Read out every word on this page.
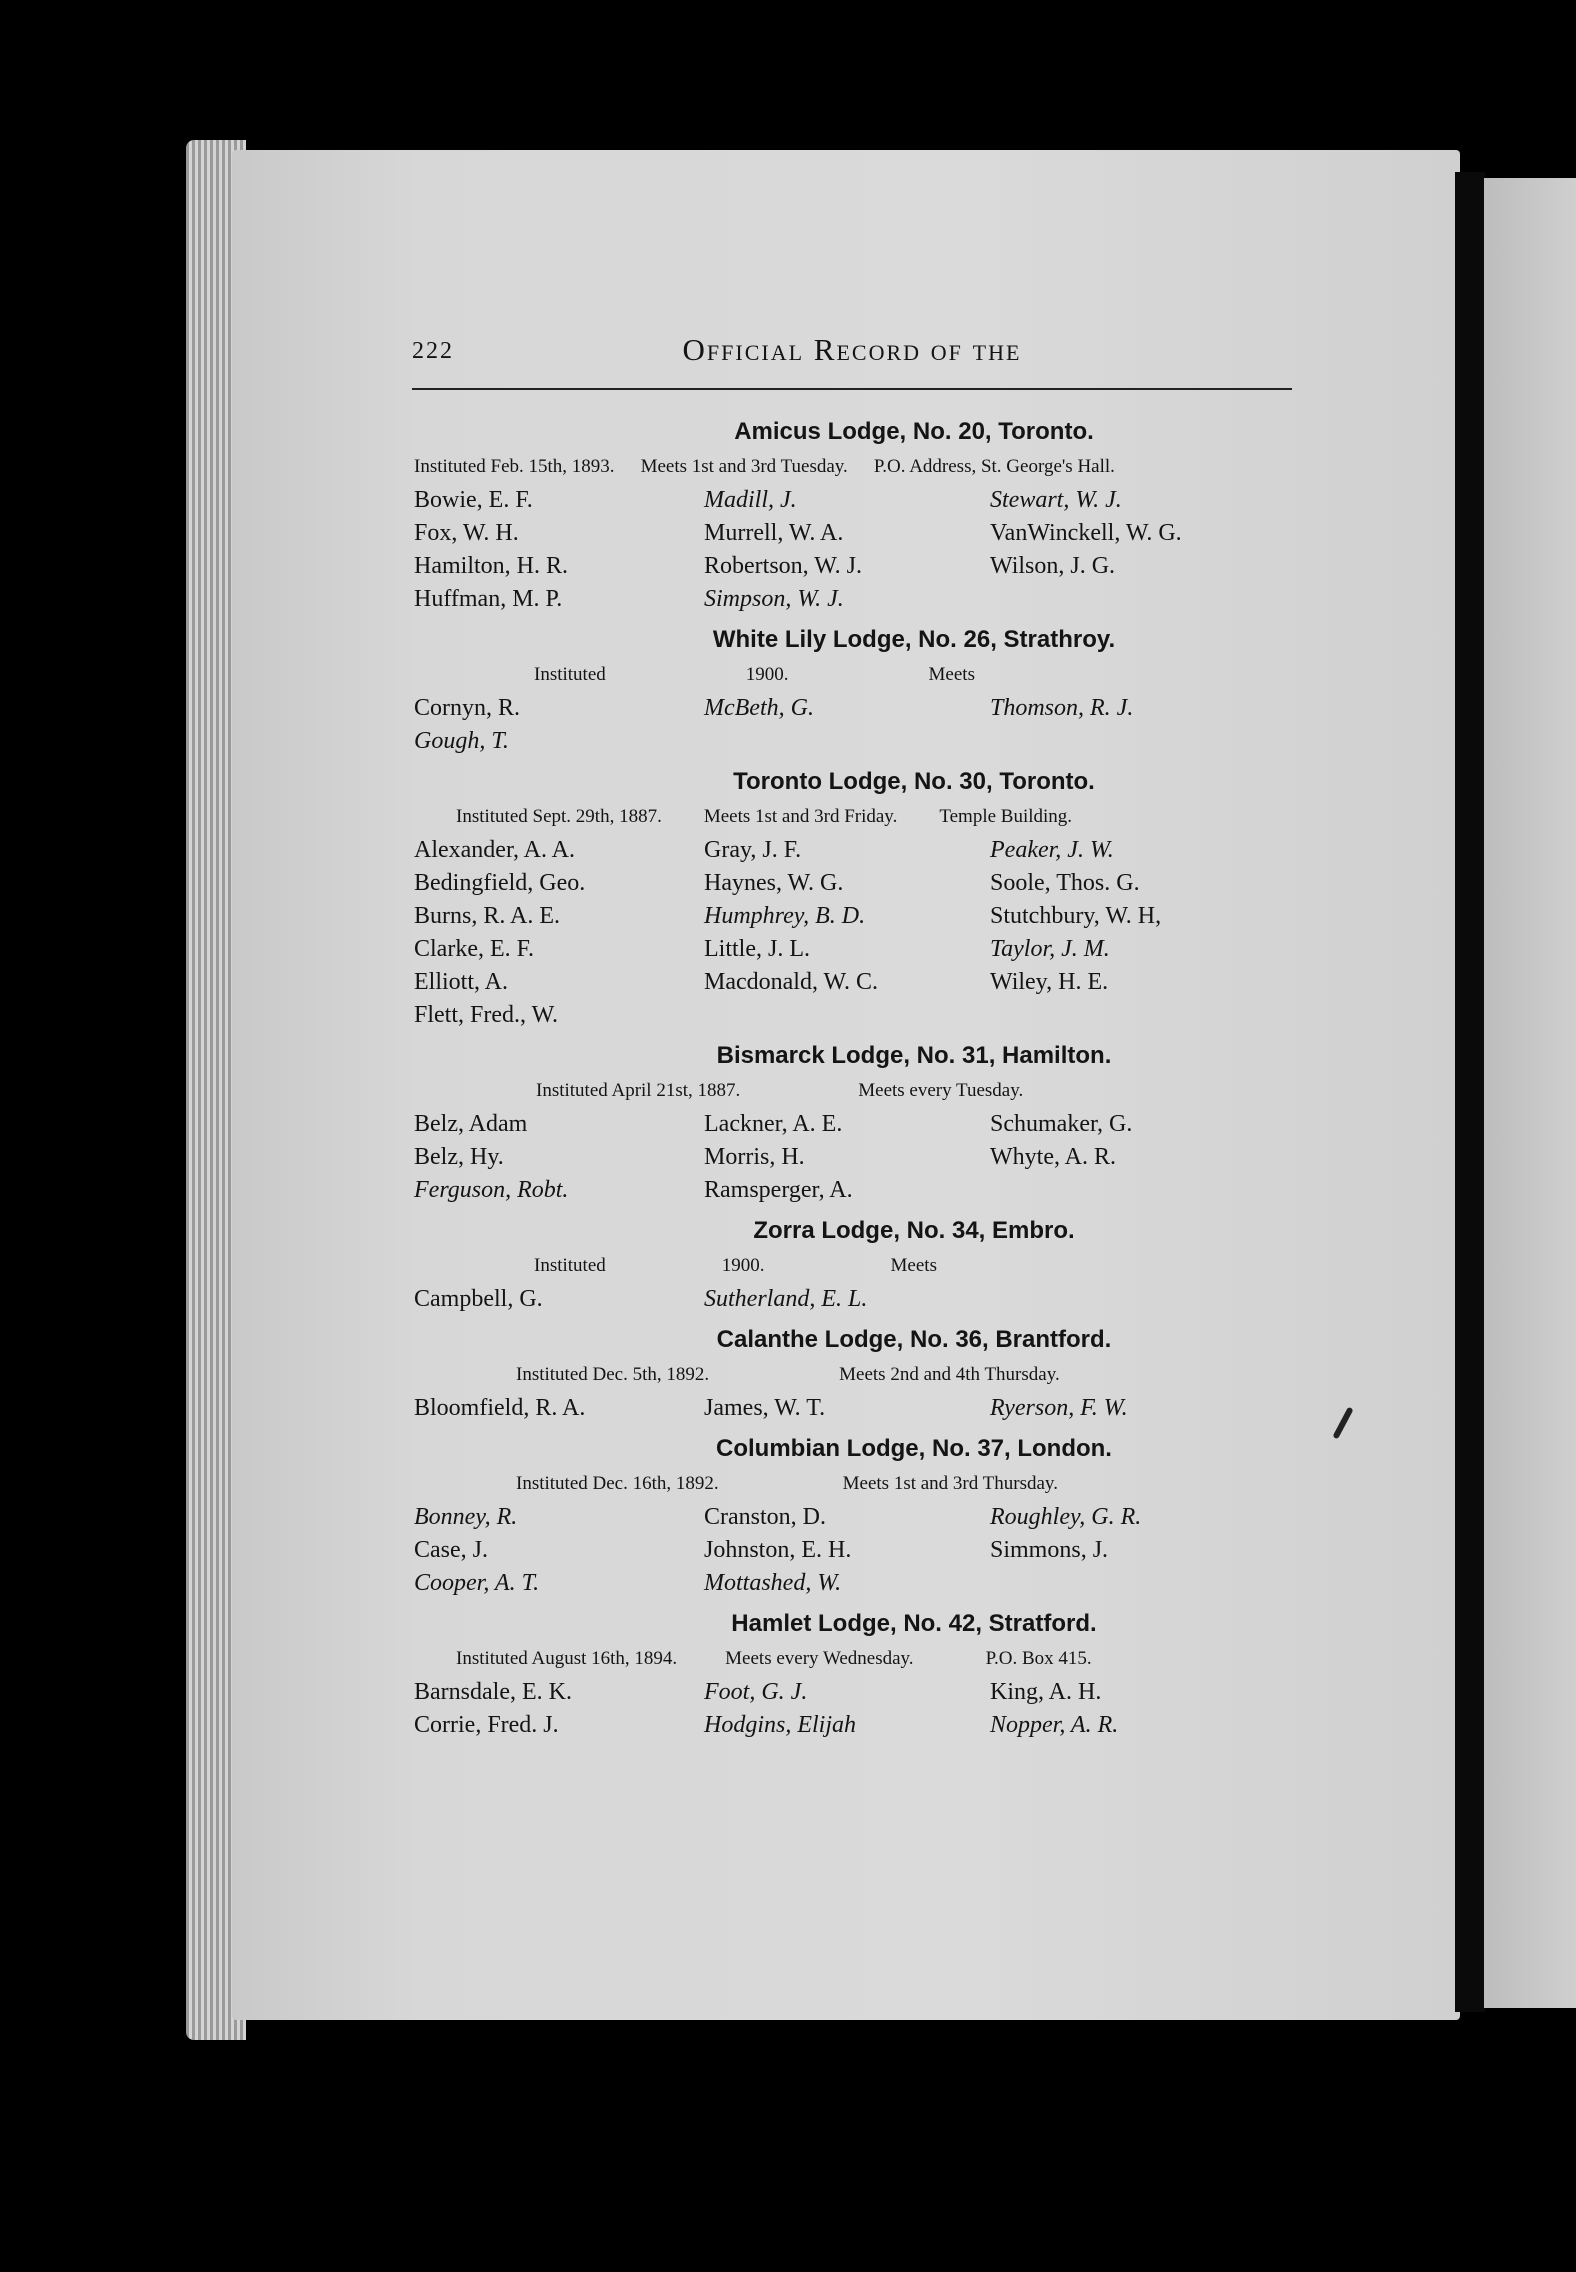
222	Official Record of the
Amicus Lodge, No. 20, Toronto.
Instituted Feb. 15th, 1893. Meets 1st and 3rd Tuesday. P.O. Address, St. George's Hall.
Bowie, E. F.	Madill, J.	Stewart, W. J.
Fox, W. H.	Murrell, W. A.	VanWinckell, W. G.
Hamilton, H. R.	Robertson, W. J.	Wilson, J. G.
Huffman, M. P.	Simpson, W. J.

White Lily Lodge, No. 26, Strathroy.
Instituted	1900.	Meets
Cornyn, R.	McBeth, G.	Thomson, R. J.
Gough, T.

Toronto Lodge, No. 30, Toronto.
Instituted Sept. 29th, 1887. Meets 1st and 3rd Friday. Temple Building.
Alexander, A. A.	Gray, J. F.	Peaker, J. W.
Bedingfield, Geo.	Haynes, W. G.	Soole, Thos. G.
Burns, R. A. E.	Humphrey, B. D.	Stutchbury, W. H,
Clarke, E. F.	Little, J. L.	Taylor, J. M.
Elliott, A.	Macdonald, W. C.	Wiley, H. E.
Flett, Fred., W.

Bismarck Lodge, No. 31, Hamilton.
Instituted April 21st, 1887.	Meets every Tuesday.
Belz, Adam	Lackner, A. E.	Schumaker, G.
Belz, Hy.	Morris, H.	Whyte, A. R.
Ferguson, Robt.	Ramsperger, A.

Zorra Lodge, No. 34, Embro.
Instituted	1900.	Meets
Campbell, G.	Sutherland, E. L.

Calanthe Lodge, No. 36, Brantford.
Instituted Dec. 5th, 1892.	Meets 2nd and 4th Thursday.
Bloomfield, R. A.	James, W. T.	Ryerson, F. W.
Columbian Lodge, No. 37, London.
Instituted Dec. 16th, 1892.	Meets 1st and 3rd Thursday.
Bonney, R.	Cranston, D.	Roughley, G. R.
Case, J.	Johnston, E. H.	Simmons, J.
Cooper, A. T.	Mottashed, W.

Hamlet Lodge, No. 42, Stratford.
Instituted August 16th, 1894.	Meets every Wednesday.	P.O. Box 415.
Barnsdale, E. K.	Foot, G. J.	King, A. H.
Corrie, Fred. J.	Hodgins, Elijah	Nopper, A. R.
